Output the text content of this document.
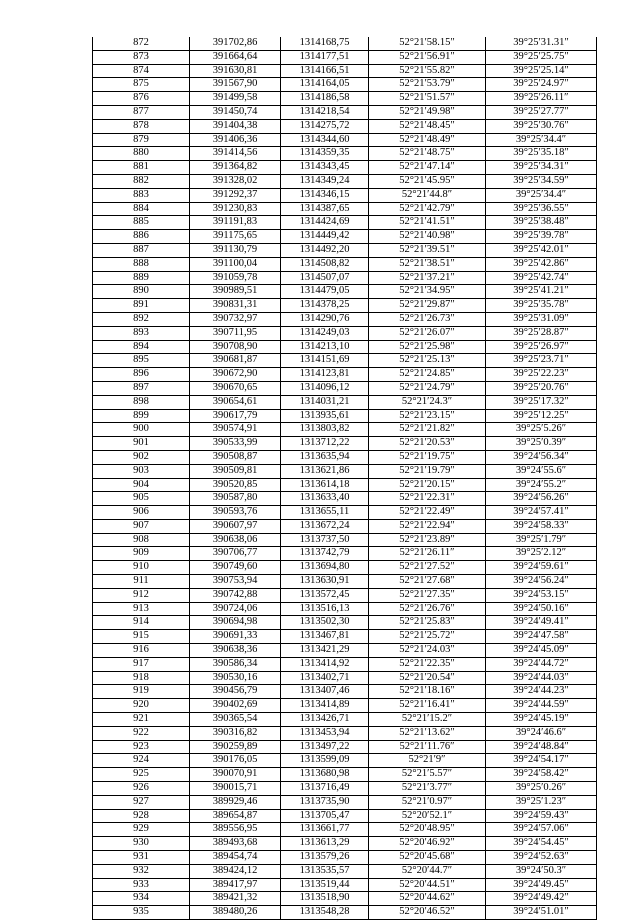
872	391702,86	1314168,75	52°21′58.15″	39°25′31.31″
873	391664,64	1314177,51	52°21′56.91″	39°25′25.75″
874	391630,81	1314166,51	52°21′55.82″	39°25′25.14″
875	391567,90	1314164,05	52°21′53.79″	39°25′24.97″
876	391499,58	1314186,58	52°21′51.57″	39°25′26.11″
877	391450,74	1314218,54	52°21′49.98″	39°25′27.77″
878	391404,38	1314275,72	52°21′48.45″	39°25′30.76″
879	391406,36	1314344,60	52°21′48.49″	39°25′34.4″
880	391414,56	1314359,35	52°21′48.75″	39°25′35.18″
881	391364,82	1314343,45	52°21′47.14″	39°25′34.31″
882	391328,02	1314349,24	52°21′45.95″	39°25′34.59″
883	391292,37	1314346,15	52°21′44.8″	39°25′34.4″
884	391230,83	1314387,65	52°21′42.79″	39°25′36.55″
885	391191,83	1314424,69	52°21′41.51″	39°25′38.48″
886	391175,65	1314449,42	52°21′40.98″	39°25′39.78″
887	391130,79	1314492,20	52°21′39.51″	39°25′42.01″
888	391100,04	1314508,82	52°21′38.51″	39°25′42.86″
889	391059,78	1314507,07	52°21′37.21″	39°25′42.74″
890	390989,51	1314479,05	52°21′34.95″	39°25′41.21″
891	390831,31	1314378,25	52°21′29.87″	39°25′35.78″
892	390732,97	1314290,76	52°21′26.73″	39°25′31.09″
893	390711,95	1314249,03	52°21′26.07″	39°25′28.87″
894	390708,90	1314213,10	52°21′25.98″	39°25′26.97″
895	390681,87	1314151,69	52°21′25.13″	39°25′23.71″
896	390672,90	1314123,81	52°21′24.85″	39°25′22.23″
897	390670,65	1314096,12	52°21′24.79″	39°25′20.76″
898	390654,61	1314031,21	52°21′24.3″	39°25′17.32″
899	390617,79	1313935,61	52°21′23.15″	39°25′12.25″
900	390574,91	1313803,82	52°21′21.82″	39°25′5.26″
901	390533,99	1313712,22	52°21′20.53″	39°25′0.39″
902	390508,87	1313635,94	52°21′19.75″	39°24′56.34″
903	390509,81	1313621,86	52°21′19.79″	39°24′55.6″
904	390520,85	1313614,18	52°21′20.15″	39°24′55.2″
905	390587,80	1313633,40	52°21′22.31″	39°24′56.26″
906	390593,76	1313655,11	52°21′22.49″	39°24′57.41″
907	390607,97	1313672,24	52°21′22.94″	39°24′58.33″
908	390638,06	1313737,50	52°21′23.89″	39°25′1.79″
909	390706,77	1313742,79	52°21′26.11″	39°25′2.12″
910	390749,60	1313694,80	52°21′27.52″	39°24′59.61″
911	390753,94	1313630,91	52°21′27.68″	39°24′56.24″
912	390742,88	1313572,45	52°21′27.35″	39°24′53.15″
913	390724,06	1313516,13	52°21′26.76″	39°24′50.16″
914	390694,98	1313502,30	52°21′25.83″	39°24′49.41″
915	390691,33	1313467,81	52°21′25.72″	39°24′47.58″
916	390638,36	1313421,29	52°21′24.03″	39°24′45.09″
917	390586,34	1313414,92	52°21′22.35″	39°24′44.72″
918	390530,16	1313402,71	52°21′20.54″	39°24′44.03″
919	390456,79	1313407,46	52°21′18.16″	39°24′44.23″
920	390402,69	1313414,89	52°21′16.41″	39°24′44.59″
921	390365,54	1313426,71	52°21′15.2″	39°24′45.19″
922	390316,82	1313453,94	52°21′13.62″	39°24′46.6″
923	390259,89	1313497,22	52°21′11.76″	39°24′48.84″
924	390176,05	1313599,09	52°21′9″	39°24′54.17″
925	390070,91	1313680,98	52°21′5.57″	39°24′58.42″
926	390015,71	1313716,49	52°21′3.77″	39°25′0.26″
927	389929,46	1313735,90	52°21′0.97″	39°25′1.23″
928	389654,87	1313705,47	52°20′52.1″	39°24′59.43″
929	389556,95	1313661,77	52°20′48.95″	39°24′57.06″
930	389493,68	1313613,29	52°20′46.92″	39°24′54.45″
931	389454,74	1313579,26	52°20′45.68″	39°24′52.63″
932	389424,12	1313535,57	52°20′44.7″	39°24′50.3″
933	389417,97	1313519,44	52°20′44.51″	39°24′49.45″
934	389421,32	1313518,90	52°20′44.62″	39°24′49.42″
935	389480,26	1313548,28	52°20′46.52″	39°24′51.01″
